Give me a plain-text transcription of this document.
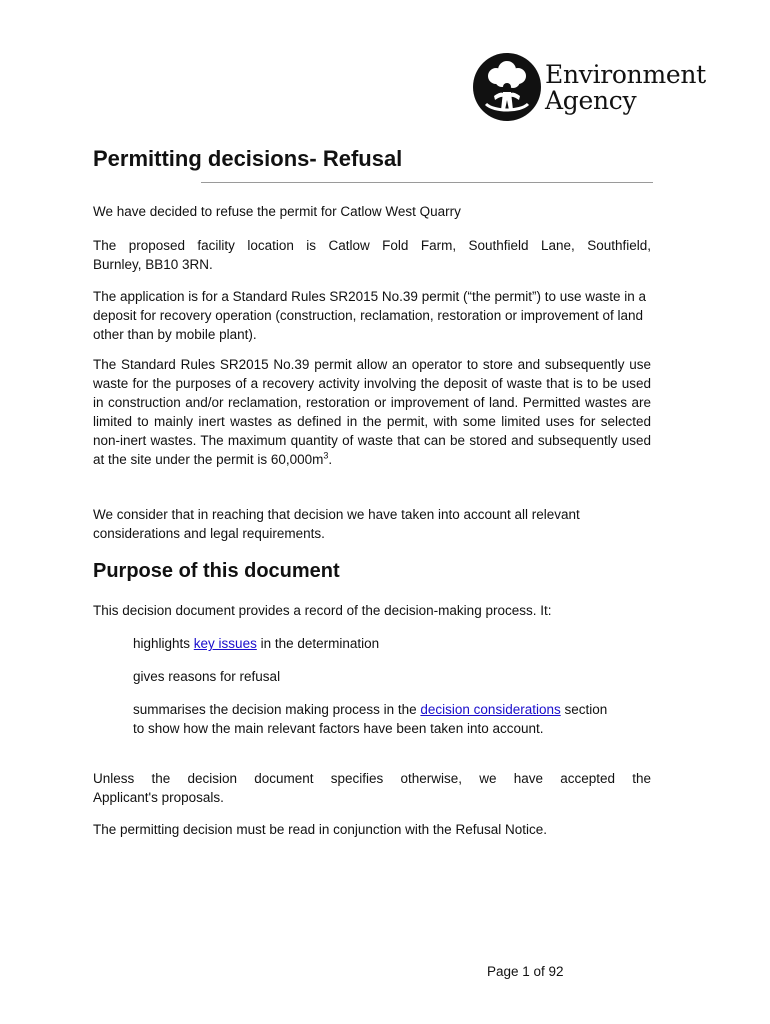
Environment
Agency
Permitting decisions- Refusal

We have decided to refuse the permit for Catlow West Quarry

The proposed facility location is Catlow Fold Farm, Southfield Lane, Southfield,

Burnley, BB10 3RN.

The application is for a Standard Rules SR2015 No.39 permit (“the permit”) to use waste in a deposit for recovery operation (construction, reclamation, restoration or improvement of land other than by mobile plant).

The Standard Rules SR2015 No.39 permit allow an operator to store and subsequently use waste for the purposes of a recovery activity involving the deposit of waste that is to be used in construction and/or reclamation, restoration or improvement of land. Permitted wastes are limited to mainly inert wastes as defined in the permit, with some limited uses for selected non-inert wastes. The maximum quantity of waste that can be stored and subsequently used at the site under the permit is $60,000m^3$.

We consider that in reaching that decision we have taken into account all relevant considerations and legal requirements.

Purpose of this document

This decision document provides a record of the decision-making process. It:

highlights key issues in the determination

gives reasons for refusal

summarises the decision making process in the decision considerations section to show how the main relevant factors have been taken into account.

Unless the decision document specifies otherwise, we have accepted the

Applicant's proposals.

The permitting decision must be read in conjunction with the Refusal Notice.

Page 1 of 92
